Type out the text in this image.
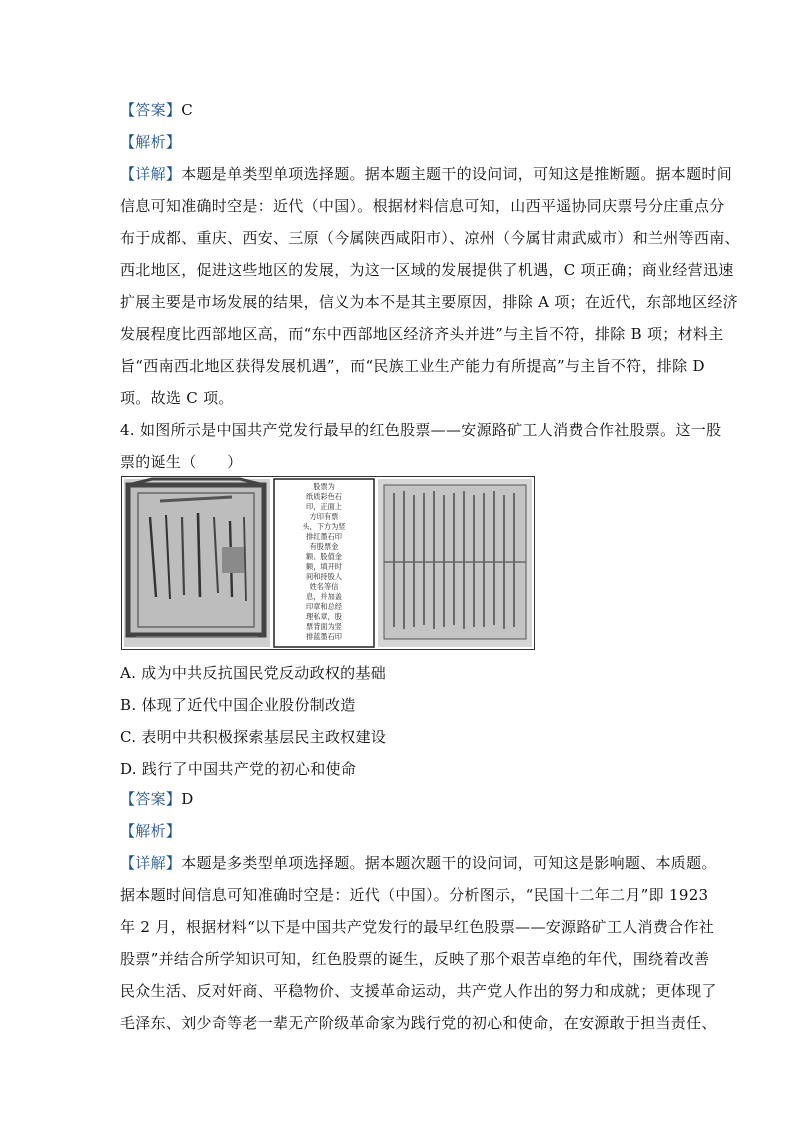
【答案】C
【解析】
【详解】本题是单类型单项选择题。据本题主题干的设问词，可知这是推断题。据本题时间
信息可知准确时空是：近代（中国）。根据材料信息可知，山西平遥协同庆票号分庄重点分
布于成都、重庆、西安、三原（今属陕西咸阳市）、凉州（今属甘肃武威市）和兰州等西南、
西北地区，促进这些地区的发展，为这一区域的发展提供了机遇，C 项正确；商业经营迅速
扩展主要是市场发展的结果，信义为本不是其主要原因，排除 A 项；在近代，东部地区经济
发展程度比西部地区高，而“东中西部地区经济齐头并进”与主旨不符，排除 B 项；材料主
旨“西南西北地区获得发展机遇”，而“民族工业生产能力有所提高”与主旨不符，排除 D
项。故选 C 项。
4. 如图所示是中国共产党发行最早的红色股票——安源路矿工人消费合作社股票。这一股
票的诞生（　　）
股票为
纸质彩色石
印，正面上
方印有票
头，下方为竖
排红墨石印
有股票金
额、股值金
额，填开时
间和持股人
姓名等信
息，并加盖
印章和总经
理私章，股
票背面为竖
排蓝墨石印
A. 成为中共反抗国民党反动政权的基础
B. 体现了近代中国企业股份制改造
C. 表明中共积极探索基层民主政权建设
D. 践行了中国共产党的初心和使命
【答案】D
【解析】
【详解】本题是多类型单项选择题。据本题次题干的设问词，可知这是影响题、本质题。
据本题时间信息可知准确时空是：近代（中国）。分析图示，“民国十二年二月”即 1923
年 2 月，根据材料“以下是中国共产党发行的最早红色股票——安源路矿工人消费合作社
股票”并结合所学知识可知，红色股票的诞生，反映了那个艰苦卓绝的年代，围绕着改善
民众生活、反对奸商、平稳物价、支援革命运动，共产党人作出的努力和成就；更体现了
毛泽东、刘少奇等老一辈无产阶级革命家为践行党的初心和使命，在安源敢于担当责任、
